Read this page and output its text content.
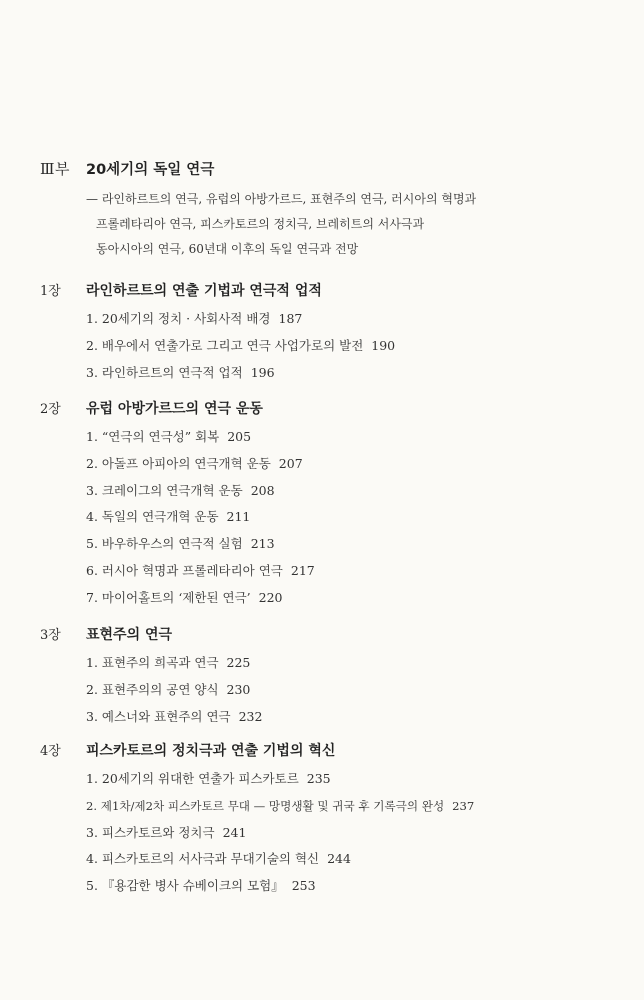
Ⅲ부	20세기의 독일 연극
— 라인하르트의 연극, 유럽의 아방가르드, 표현주의 연극, 러시아의 혁명과
프롤레타리아 연극, 피스카토르의 정치극, 브레히트의 서사극과
동아시아의 연극, 60년대 이후의 독일 연극과 전망
1장	라인하르트의 연출 기법과 연극적 업적
1. 20세기의 정치 · 사회사적 배경 187
2. 배우에서 연출가로 그리고 연극 사업가로의 발전 190
3. 라인하르트의 연극적 업적 196
2장	유럽 아방가르드의 연극 운동
1. “연극의 연극성” 회복 205
2. 아돌프 아피아의 연극개혁 운동 207
3. 크레이그의 연극개혁 운동 208
4. 독일의 연극개혁 운동 211
5. 바우하우스의 연극적 실험 213
6. 러시아 혁명과 프롤레타리아 연극 217
7. 마이어홀트의 ‘제한된 연극’ 220
3장	표현주의 연극
1. 표현주의 희곡과 연극 225
2. 표현주의의 공연 양식 230
3. 예스너와 표현주의 연극 232
4장	피스카토르의 정치극과 연출 기법의 혁신
1. 20세기의 위대한 연출가 피스카토르 235
2. 제1차/제2차 피스카토르 무대 — 망명생활 및 귀국 후 기록극의 완성 237
3. 피스카토르와 정치극 241
4. 피스카토르의 서사극과 무대기술의 혁신 244
5. 『용감한 병사 슈베이크의 모험』 253
